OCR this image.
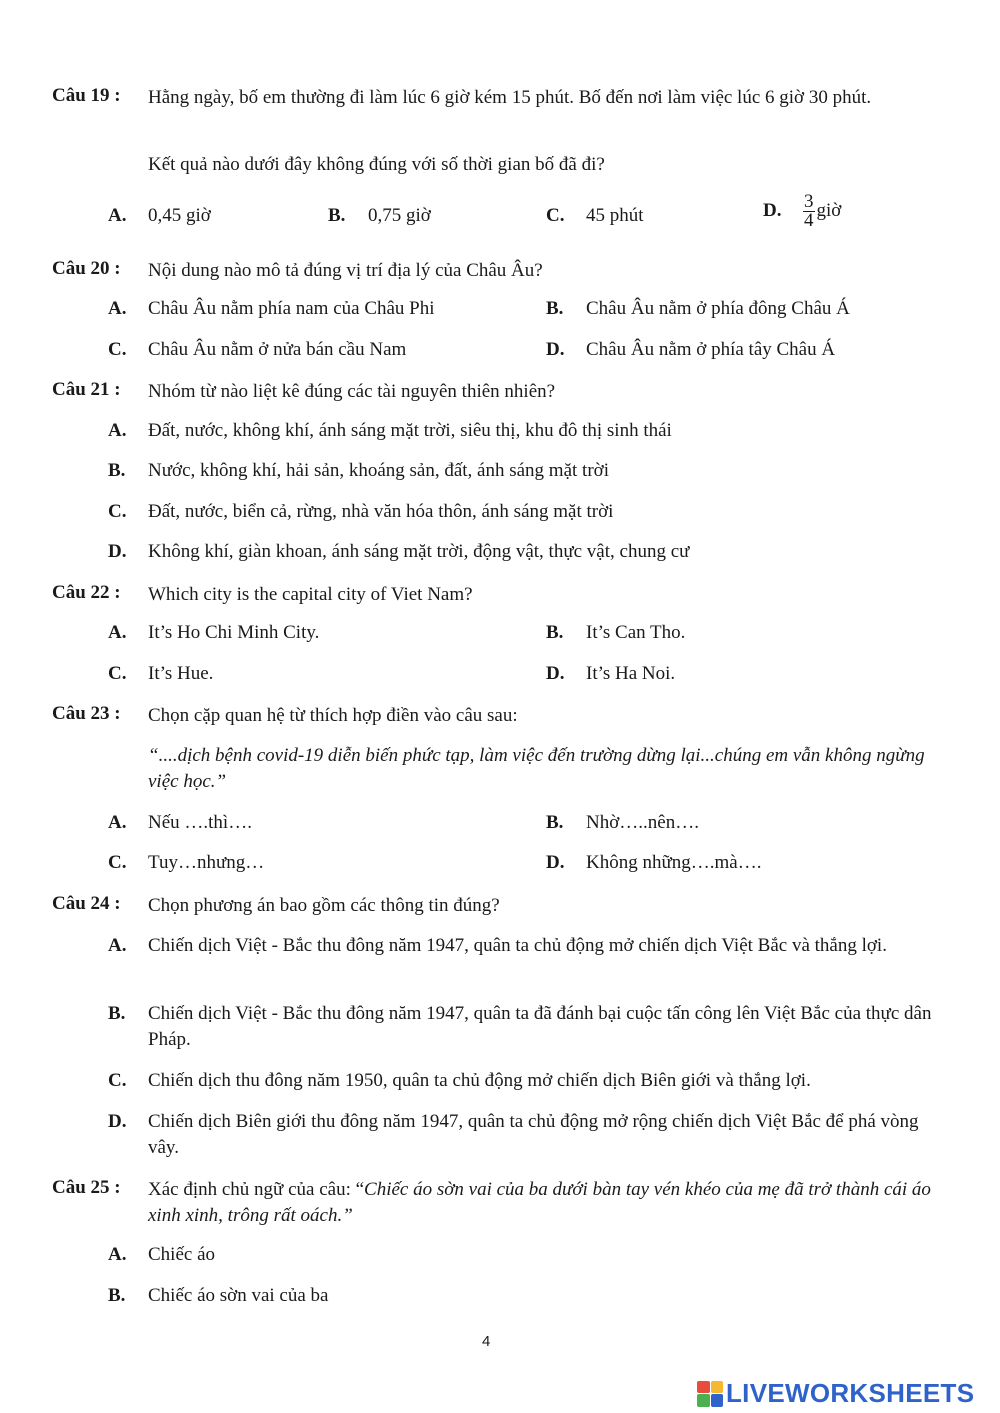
Câu 19 : Hằng ngày, bố em thường đi làm lúc 6 giờ kém 15 phút. Bố đến nơi làm việc lúc 6 giờ 30 phút.
Kết quả nào dưới đây không đúng với số thời gian bố đã đi?
A. 0,45 giờ	B. 0,75 giờ	C. 45 phút	D. $\frac{3}{4}$ giờ
Câu 20 : Nội dung nào mô tả đúng vị trí địa lý của Châu Âu?
A. Châu Âu nằm phía nam của Châu Phi	B. Châu Âu nằm ở phía đông Châu Á
C. Châu Âu nằm ở nửa bán cầu Nam	D. Châu Âu nằm ở phía tây Châu Á
Câu 21 : Nhóm từ nào liệt kê đúng các tài nguyên thiên nhiên?
A. Đất, nước, không khí, ánh sáng mặt trời, siêu thị, khu đô thị sinh thái
B. Nước, không khí, hải sản, khoáng sản, đất, ánh sáng mặt trời
C. Đất, nước, biển cả, rừng, nhà văn hóa thôn, ánh sáng mặt trời
D. Không khí, giàn khoan, ánh sáng mặt trời, động vật, thực vật, chung cư
Câu 22 : Which city is the capital city of Viet Nam?
A. It’s Ho Chi Minh City.	B. It’s Can Tho.
C. It’s Hue.	D. It’s Ha Noi.
Câu 23 : Chọn cặp quan hệ từ thích hợp điền vào câu sau:
“....dịch bệnh covid-19 diễn biến phức tạp, làm việc đến trường dừng lại...chúng em vẫn không ngừng việc học.”
A. Nếu ….thì….	B. Nhờ…..nên….
C. Tuy…nhưng…	D. Không những….mà….
Câu 24 : Chọn phương án bao gồm các thông tin đúng?
A. Chiến dịch Việt - Bắc thu đông năm 1947, quân ta chủ động mở chiến dịch Việt Bắc và thắng lợi.
B. Chiến dịch Việt - Bắc thu đông năm 1947, quân ta đã đánh bại cuộc tấn công lên Việt Bắc của thực dân Pháp.
C. Chiến dịch thu đông năm 1950, quân ta chủ động mở chiến dịch Biên giới và thắng lợi.
D. Chiến dịch Biên giới thu đông năm 1947, quân ta chủ động mở rộng chiến dịch Việt Bắc để phá vòng vây.
Câu 25 : Xác định chủ ngữ của câu: “Chiếc áo sờn vai của ba dưới bàn tay vén khéo của mẹ đã trở thành cái áo xinh xinh, trông rất oách.”
A. Chiếc áo
B. Chiếc áo sờn vai của ba
4
LIVEWORKSHEETS
